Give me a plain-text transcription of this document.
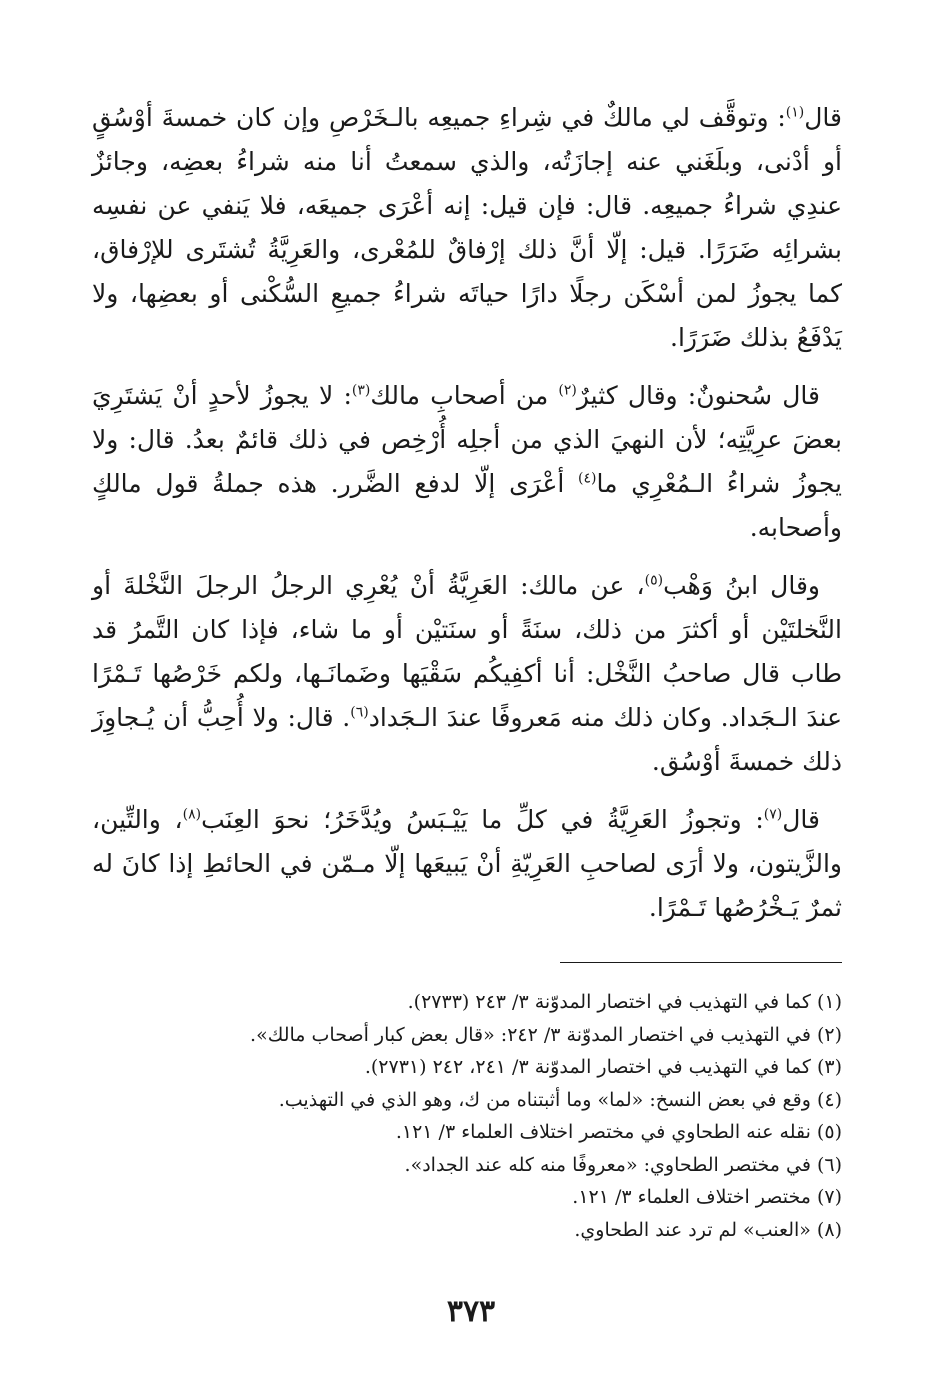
قال$^{(١)}$: وتوقَّف لي مالكٌ في شِراءِ جميعِه بالـخَرْصِ وإن كان خمسةَ أوْسُقٍ أو أدْنى، وبلَغَني عنه إجازَتُه، والذي سمعتُ أنا منه شراءُ بعضِه، وجائزٌ عندِي شراءُ جميعِه. قال: فإن قيل: إنه أعْرَى جميعَه، فلا يَنفي عن نفسِه بشرائِه ضَرَرًا. قيل: إلّا أنَّ ذلك إرْفاقٌ للمُعْرى، والعَرِيَّةُ تُشتَرى للإرْفاق، كما يجوزُ لمن أسْكَن رجلًا دارًا حياتَه شراءُ جميعِ السُّكْنى أو بعضِها، ولا يَدْفَعُ بذلك ضَرَرًا.

قال سُحنونٌ: وقال كثيرٌ$^{(٢)}$ من أصحابِ مالك$^{(٣)}$: لا يجوزُ لأحدٍ أنْ يَشتَرِيَ بعضَ عرِيَّتِه؛ لأن النهيَ الذي من أجلِه أُرْخِص في ذلك قائمٌ بعدُ. قال: ولا يجوزُ شراءُ الـمُعْرِي ما$^{(٤)}$ أعْرَى إلّا لدفع الضَّرر. هذه جملةُ قول مالكٍ وأصحابه.

وقال ابنُ وَهْب$^{(٥)}$، عن مالك: العَرِيَّةُ أنْ يُعْرِي الرجلُ الرجلَ النَّخْلةَ أو النَّخلتَيْن أو أكثرَ من ذلك، سنَةً أو سنَتيْن أو ما شاء، فإذا كان التَّمرُ قد طاب قال صاحبُ النَّخْل: أنا أكفِيكُم سَقْيَها وضَمانَـها، ولكم خَرْصُها تَـمْرًا عندَ الـجَداد. وكان ذلك منه مَعروفًا عندَ الـجَداد$^{(٦)}$. قال: ولا أُحِبُّ أن يُـجاوِزَ ذلك خمسةَ أوْسُق.

قال$^{(٧)}$: وتجوزُ العَرِيَّةُ في كلِّ ما يَيْـبَسُ ويُدَّخَرُ؛ نحوَ العِنَب$^{(٨)}$، والتِّين، والزَّيتون، ولا أرَى لصاحبِ العَرِيّةِ أنْ يَبيعَها إلّا مـمّن في الحائطِ إذا كانَ له ثمرٌ يَـخْرُصُها تَـمْرًا.

(١) كما في التهذيب في اختصار المدوّنة ٣/ ٢٤٣ (٢٧٣٣).
(٢) في التهذيب في اختصار المدوّنة ٣/ ٢٤٢: «قال بعض كبار أصحاب مالك».
(٣) كما في التهذيب في اختصار المدوّنة ٣/ ٢٤١، ٢٤٢ (٢٧٣١).
(٤) وقع في بعض النسخ: «لما» وما أثبتناه من ك، وهو الذي في التهذيب.
(٥) نقله عنه الطحاوي في مختصر اختلاف العلماء ٣/ ١٢١.
(٦) في مختصر الطحاوي: «معروفًا منه كله عند الجداد».
(٧) مختصر اختلاف العلماء ٣/ ١٢١.
(٨) «العنب» لم ترد عند الطحاوي.
٣٧٣
